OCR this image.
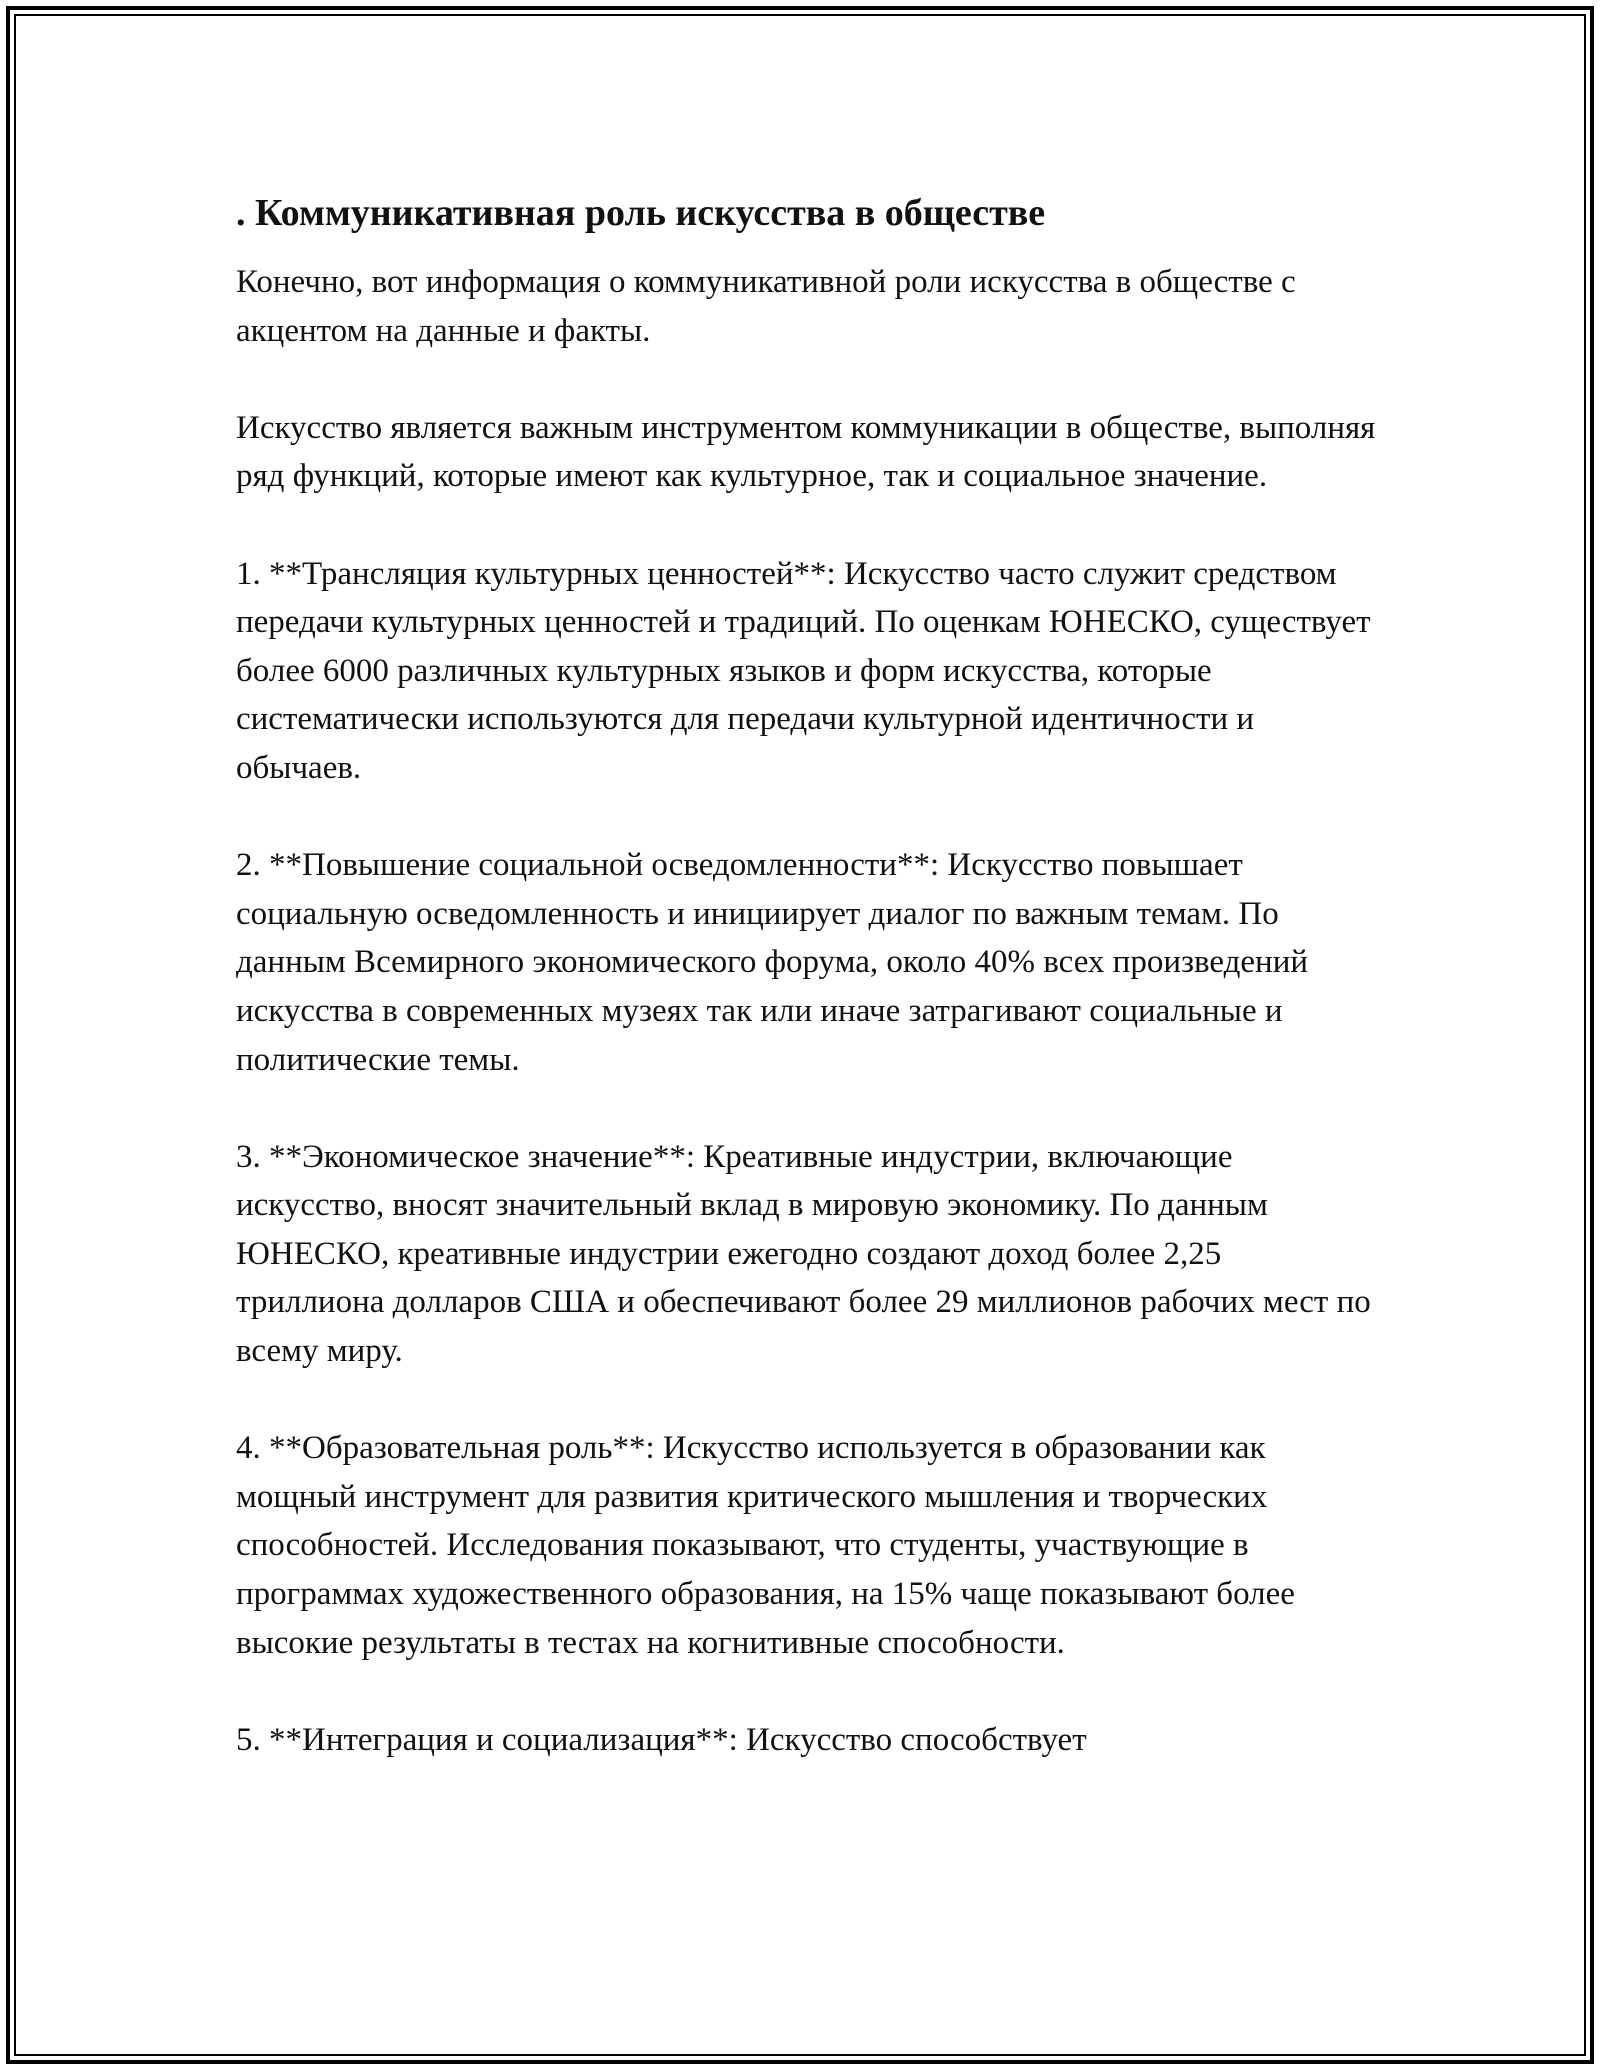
. Коммуникативная роль искусства в обществе

Конечно, вот информация о коммуникативной роли искусства в обществе с акцентом на данные и факты.

Искусство является важным инструментом коммуникации в обществе, выполняя ряд функций, которые имеют как культурное, так и социальное значение.

1. **Трансляция культурных ценностей**: Искусство часто служит средством передачи культурных ценностей и традиций. По оценкам ЮНЕСКО, существует более 6000 различных культурных языков и форм искусства, которые систематически используются для передачи культурной идентичности и обычаев.

2. **Повышение социальной осведомленности**: Искусство повышает социальную осведомленность и инициирует диалог по важным темам. По данным Всемирного экономического форума, около 40% всех произведений искусства в современных музеях так или иначе затрагивают социальные и политические темы.

3. **Экономическое значение**: Креативные индустрии, включающие искусство, вносят значительный вклад в мировую экономику. По данным ЮНЕСКО, креативные индустрии ежегодно создают доход более 2,25 триллиона долларов США и обеспечивают более 29 миллионов рабочих мест по всему миру.

4. **Образовательная роль**: Искусство используется в образовании как мощный инструмент для развития критического мышления и творческих способностей. Исследования показывают, что студенты, участвующие в программах художественного образования, на 15% чаще показывают более высокие результаты в тестах на когнитивные способности.

5. **Интеграция и социализация**: Искусство способствует
